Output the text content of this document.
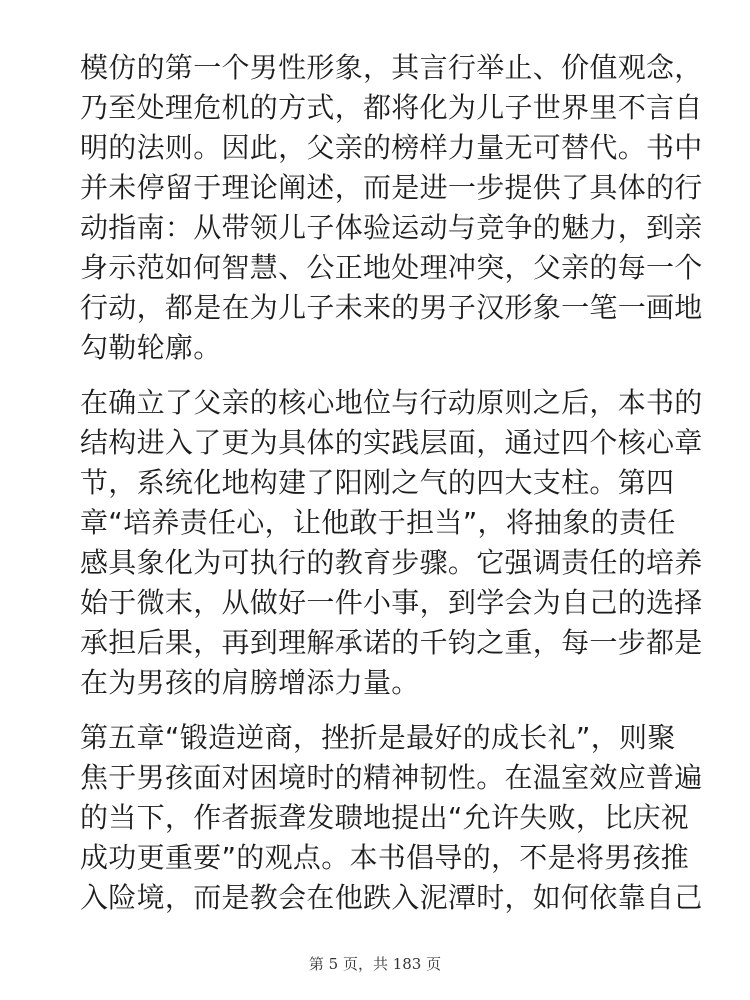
模仿的第一个男性形象，其言行举止、价值观念，
乃至处理危机的方式，都将化为儿子世界里不言自
明的法则。因此，父亲的榜样力量无可替代。书中
并未停留于理论阐述，而是进一步提供了具体的行
动指南：从带领儿子体验运动与竞争的魅力，到亲
身示范如何智慧、公正地处理冲突，父亲的每一个
行动，都是在为儿子未来的男子汉形象一笔一画地
勾勒轮廓。
在确立了父亲的核心地位与行动原则之后，本书的
结构进入了更为具体的实践层面，通过四个核心章
节，系统化地构建了阳刚之气的四大支柱。第四
章“培养责任心，让他敢于担当”，将抽象的责任
感具象化为可执行的教育步骤。它强调责任的培养
始于微末，从做好一件小事，到学会为自己的选择
承担后果，再到理解承诺的千钧之重，每一步都是
在为男孩的肩膀增添力量。
第五章“锻造逆商，挫折是最好的成长礼”，则聚
焦于男孩面对困境时的精神韧性。在温室效应普遍
的当下，作者振聋发聩地提出“允许失败，比庆祝
成功更重要”的观点。本书倡导的，不是将男孩推
入险境，而是教会在他跌入泥潭时，如何依靠自己
第 5 页，共 183 页
